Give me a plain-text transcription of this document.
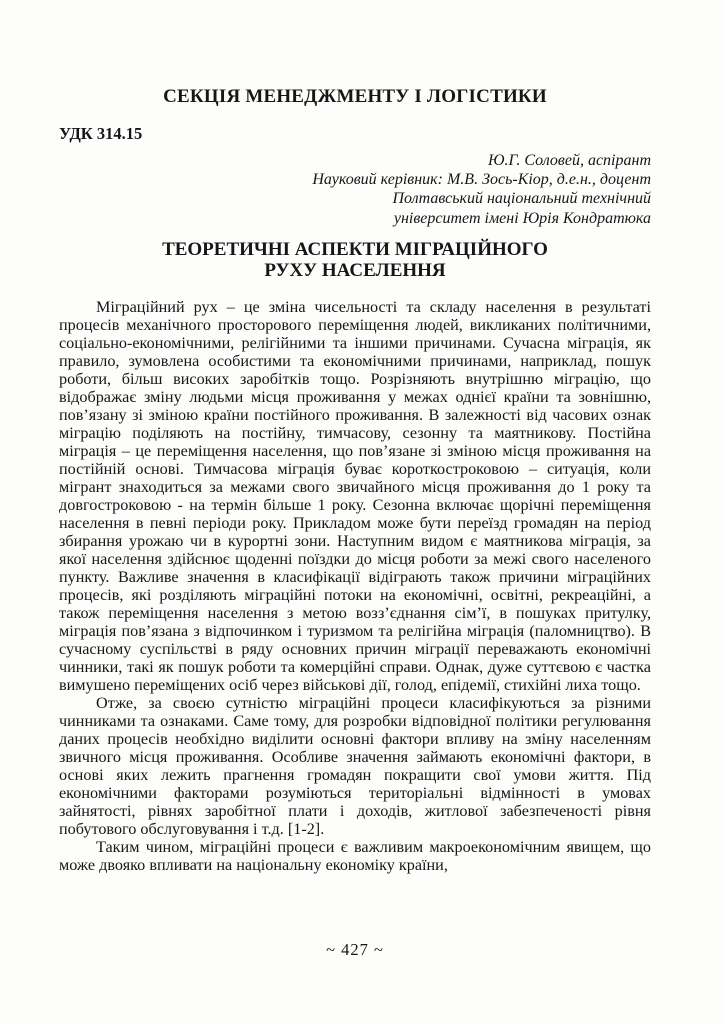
СЕКЦІЯ МЕНЕДЖМЕНТУ І ЛОГІСТИКИ
УДК 314.15
Ю.Г. Соловей, аспірант
Науковий керівник: М.В. Зось-Кіор, д.е.н., доцент
Полтавський національний технічний
університет імені Юрія Кондратюка
ТЕОРЕТИЧНІ АСПЕКТИ МІГРАЦІЙНОГО
РУХУ НАСЕЛЕННЯ

Міграційний рух – це зміна чисельності та складу населення в результаті процесів механічного просторового переміщення людей, викликаних політичними, соціально-економічними, релігійними та іншими причинами. Сучасна міграція, як правило, зумовлена особистими та економічними причинами, наприклад, пошук роботи, більш високих заробітків тощо. Розрізняють внутрішню міграцію, що відображає зміну людьми місця проживання у межах однієї країни та зовнішню, пов’язану зі зміною країни постійного проживання. В залежності від часових ознак міграцію поділяють на постійну, тимчасову, сезонну та маятникову. Постійна міграція – це переміщення населення, що пов’язане зі зміною місця проживання на постійній основі. Тимчасова міграція буває короткостроковою – ситуація, коли мігрант знаходиться за межами свого звичайного місця проживання до 1 року та довгостроковою - на термін більше 1 року. Сезонна включає щорічні переміщення населення в певні періоди року. Прикладом може бути переїзд громадян на період збирання урожаю чи в курортні зони. Наступним видом є маятникова міграція, за якої населення здійснює щоденні поїздки до місця роботи за межі свого населеного пункту. Важливе значення в класифікації відіграють також причини міграційних процесів, які розділяють міграційні потоки на економічні, освітні, рекреаційні, а також переміщення населення з метою возз’єднання сім’ї, в пошуках притулку, міграція пов’язана з відпочинком і туризмом та релігійна міграція (паломництво). В сучасному суспільстві в ряду основних причин міграції переважають економічні чинники, такі як пошук роботи та комерційні справи. Однак, дуже суттєвою є частка вимушено переміщених осіб через військові дії, голод, епідемії, стихійні лиха тощо.

Отже, за своєю сутністю міграційні процеси класифікуються за різними чинниками та ознаками. Саме тому, для розробки відповідної політики регулювання даних процесів необхідно виділити основні фактори впливу на зміну населенням звичного місця проживання. Особливе значення займають економічні фактори, в основі яких лежить прагнення громадян покращити свої умови життя. Під економічними факторами розуміються територіальні відмінності в умовах зайнятості, рівнях заробітної плати і доходів, житлової забезпеченості рівня побутового обслуговування і т.д. [1-2].

Таким чином, міграційні процеси є важливим макроекономічним явищем, що може двояко впливати на національну економіку країни,

~ 427 ~
